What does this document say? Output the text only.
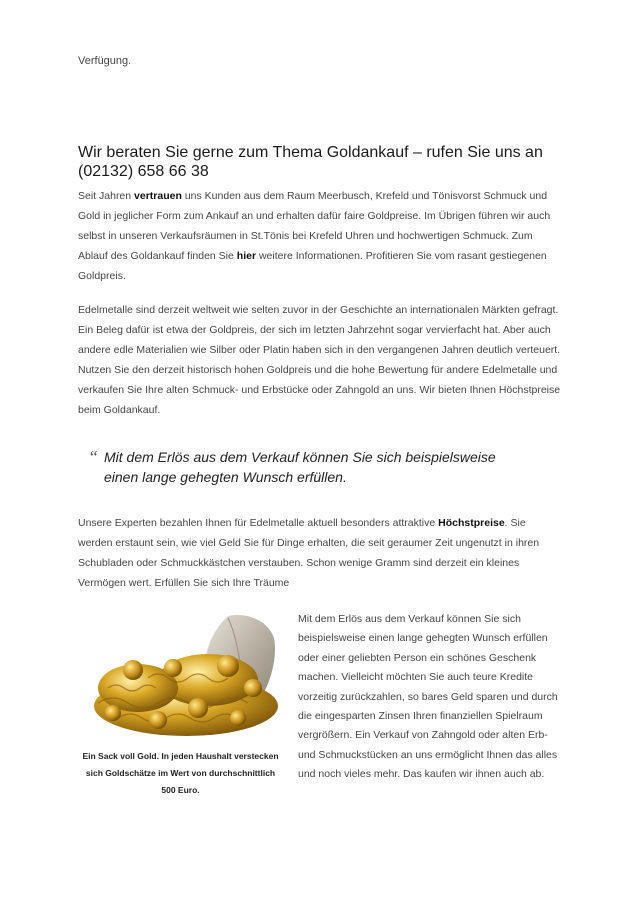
Verfügung.
Wir beraten Sie gerne zum Thema Goldankauf – rufen Sie uns an
(02132) 658 66 38

Seit Jahren vertrauen uns Kunden aus dem Raum Meerbusch, Krefeld und Tönisvorst Schmuck und Gold in jeglicher Form zum Ankauf an und erhalten dafür faire Goldpreise. Im Übrigen führen wir auch selbst in unseren Verkaufsräumen in St.Tönis bei Krefeld Uhren und hochwertigen Schmuck. Zum Ablauf des Goldankauf finden Sie hier weitere Informationen. Profitieren Sie vom rasant gestiegenen Goldpreis.

Edelmetalle sind derzeit weltweit wie selten zuvor in der Geschichte an internationalen Märkten gefragt. Ein Beleg dafür ist etwa der Goldpreis, der sich im letzten Jahrzehnt sogar vervierfacht hat. Aber auch andere edle Materialien wie Silber oder Platin haben sich in den vergangenen Jahren deutlich verteuert. Nutzen Sie den derzeit historisch hohen Goldpreis und die hohe Bewertung für andere Edelmetalle und verkaufen Sie Ihre alten Schmuck- und Erbstücke oder Zahngold an uns. Wir bieten Ihnen Höchstpreise beim Goldankauf.

“ Mit dem Erlös aus dem Verkauf können Sie sich beispielsweise
einen lange gehegten Wunsch erfüllen.

Unsere Experten bezahlen Ihnen für Edelmetalle aktuell besonders attraktive Höchstpreise. Sie werden erstaunt sein, wie viel Geld Sie für Dinge erhalten, die seit geraumer Zeit ungenutzt in ihren Schubladen oder Schmuckkästchen verstauben. Schon wenige Gramm sind derzeit ein kleines Vermögen wert. Erfüllen Sie sich Ihre Träume

Ein Sack voll Gold. In jeden Haushalt verstecken sich Goldschätze im Wert von durchschnittlich 500 Euro.

Mit dem Erlös aus dem Verkauf können Sie sich beispielsweise einen lange gehegten Wunsch erfüllen oder einer geliebten Person ein schönes Geschenk machen. Vielleicht möchten Sie auch teure Kredite vorzeitig zurückzahlen, so bares Geld sparen und durch die eingesparten Zinsen Ihren finanziellen Spielraum vergrößern. Ein Verkauf von Zahngold oder alten Erb- und Schmuckstücken an uns ermöglicht Ihnen das alles und noch vieles mehr. Das kaufen wir ihnen auch ab.
